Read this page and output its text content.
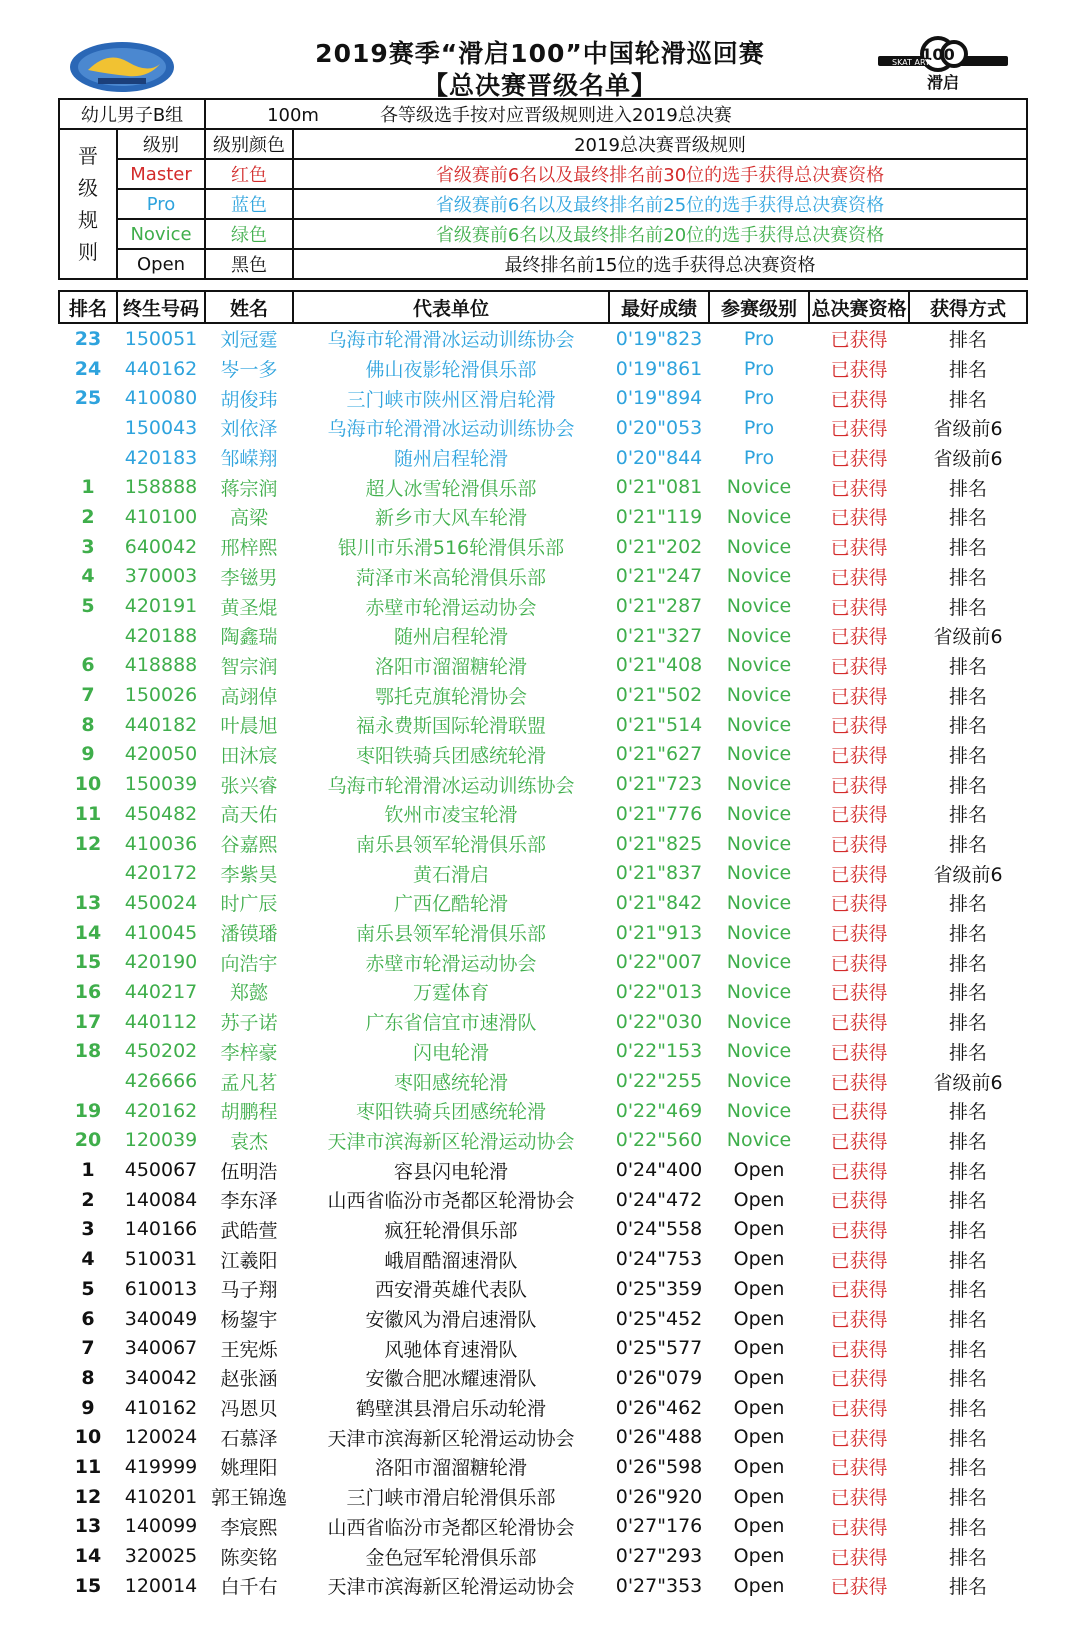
2019赛季“滑启100”中国轮滑巡回赛
【总决赛晋级名单】
100
SKAT ART
滑启
幼儿男子B组		100m 各等级选手按对应晋级规则进入2019总决赛	
晋
级
规
则	级别	级别颜色	2019总决赛晋级规则
	Master	红色	省级赛前6名以及最终排名前30位的选手获得总决赛资格
	Pro	蓝色	省级赛前6名以及最终排名前25位的选手获得总决赛资格
	Novice	绿色	省级赛前6名以及最终排名前20位的选手获得总决赛资格
	Open	黑色	最终排名前15位的选手获得总决赛资格
排名	终生号码	姓名	代表单位	最好成绩	参赛级别	总决赛资格	获得方式
23	150051	刘冠霆	乌海市轮滑滑冰运动训练协会	0'19"823	Pro	已获得	排名
24	440162	岑一多	佛山夜影轮滑俱乐部	0'19"861	Pro	已获得	排名
25	410080	胡俊玮	三门峡市陕州区滑启轮滑	0'19"894	Pro	已获得	排名
	150043	刘依泽	乌海市轮滑滑冰运动训练协会	0'20"053	Pro	已获得	省级前6
	420183	邹嵘翔	随州启程轮滑	0'20"844	Pro	已获得	省级前6
1	158888	蒋宗润	超人冰雪轮滑俱乐部	0'21"081	Novice	已获得	排名
2	410100	高梁	新乡市大风车轮滑	0'21"119	Novice	已获得	排名
3	640042	邢梓熙	银川市乐滑516轮滑俱乐部	0'21"202	Novice	已获得	排名
4	370003	李镃男	菏泽市米高轮滑俱乐部	0'21"247	Novice	已获得	排名
5	420191	黄圣焜	赤壁市轮滑运动协会	0'21"287	Novice	已获得	排名
	420188	陶鑫瑞	随州启程轮滑	0'21"327	Novice	已获得	省级前6
6	418888	智宗润	洛阳市溜溜糖轮滑	0'21"408	Novice	已获得	排名
7	150026	高翊倬	鄂托克旗轮滑协会	0'21"502	Novice	已获得	排名
8	440182	叶晨旭	福永费斯国际轮滑联盟	0'21"514	Novice	已获得	排名
9	420050	田沐宸	枣阳铁骑兵团感统轮滑	0'21"627	Novice	已获得	排名
10	150039	张兴睿	乌海市轮滑滑冰运动训练协会	0'21"723	Novice	已获得	排名
11	450482	高天佑	钦州市凌宝轮滑	0'21"776	Novice	已获得	排名
12	410036	谷嘉熙	南乐县领军轮滑俱乐部	0'21"825	Novice	已获得	排名
	420172	李紫昊	黄石滑启	0'21"837	Novice	已获得	省级前6
13	450024	时广辰	广西亿酷轮滑	0'21"842	Novice	已获得	排名
14	410045	潘镆璠	南乐县领军轮滑俱乐部	0'21"913	Novice	已获得	排名
15	420190	向浩宇	赤壁市轮滑运动协会	0'22"007	Novice	已获得	排名
16	440217	郑懿	万霆体育	0'22"013	Novice	已获得	排名
17	440112	苏子诺	广东省信宜市速滑队	0'22"030	Novice	已获得	排名
18	450202	李梓豪	闪电轮滑	0'22"153	Novice	已获得	排名
	426666	孟凡茗	枣阳感统轮滑	0'22"255	Novice	已获得	省级前6
19	420162	胡鹏程	枣阳铁骑兵团感统轮滑	0'22"469	Novice	已获得	排名
20	120039	袁杰	天津市滨海新区轮滑运动协会	0'22"560	Novice	已获得	排名
1	450067	伍明浩	容县闪电轮滑	0'24"400	Open	已获得	排名
2	140084	李东泽	山西省临汾市尧都区轮滑协会	0'24"472	Open	已获得	排名
3	140166	武皓萱	疯狂轮滑俱乐部	0'24"558	Open	已获得	排名
4	510031	江羲阳	峨眉酷溜速滑队	0'24"753	Open	已获得	排名
5	610013	马子翔	西安滑英雄代表队	0'25"359	Open	已获得	排名
6	340049	杨鋆宇	安徽风为滑启速滑队	0'25"452	Open	已获得	排名
7	340067	王宪烁	风驰体育速滑队	0'25"577	Open	已获得	排名
8	340042	赵张涵	安徽合肥冰耀速滑队	0'26"079	Open	已获得	排名
9	410162	冯恩贝	鹤壁淇县滑启乐动轮滑	0'26"462	Open	已获得	排名
10	120024	石慕泽	天津市滨海新区轮滑运动协会	0'26"488	Open	已获得	排名
11	419999	姚理阳	洛阳市溜溜糖轮滑	0'26"598	Open	已获得	排名
12	410201	郭王锦逸	三门峡市滑启轮滑俱乐部	0'26"920	Open	已获得	排名
13	140099	李宸熙	山西省临汾市尧都区轮滑协会	0'27"176	Open	已获得	排名
14	320025	陈奕铭	金色冠军轮滑俱乐部	0'27"293	Open	已获得	排名
15	120014	白千右	天津市滨海新区轮滑运动协会	0'27"353	Open	已获得	排名
